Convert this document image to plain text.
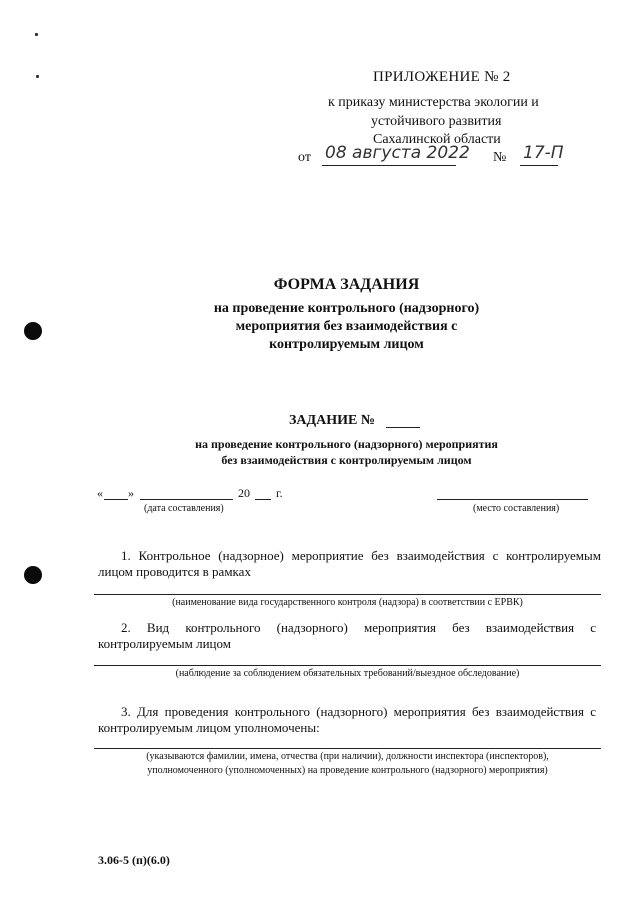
ПРИЛОЖЕНИЕ № 2
к приказу министерства экологии и
устойчивого развития
Сахалинской области
от 08 августа 2022 № 17-П
ФОРМА ЗАДАНИЯ
на проведение контрольного (надзорного)
мероприятия без взаимодействия с
контролируемым лицом
ЗАДАНИЕ №
на проведение контрольного (надзорного) мероприятия
без взаимодействия с контролируемым лицом
« »	20 г.
(дата составления)	(место составления)
1. Контрольное (надзорное) мероприятие без взаимодействия с контролируемым
лицом проводится в рамках
(наименование вида государственного контроля (надзора) в соответствии с ЕРВК)
2. Вид контрольного (надзорного) мероприятия без взаимодействия с
контролируемым лицом
(наблюдение за соблюдением обязательных требований/выездное обследование)
3. Для проведения контрольного (надзорного) мероприятия без взаимодействия с
контролируемым лицом уполномочены:
(указываются фамилии, имена, отчества (при наличии), должности инспектора (инспекторов),
уполномоченного (уполномоченных) на проведение контрольного (надзорного) мероприятия)
3.06-5 (п)(6.0)
